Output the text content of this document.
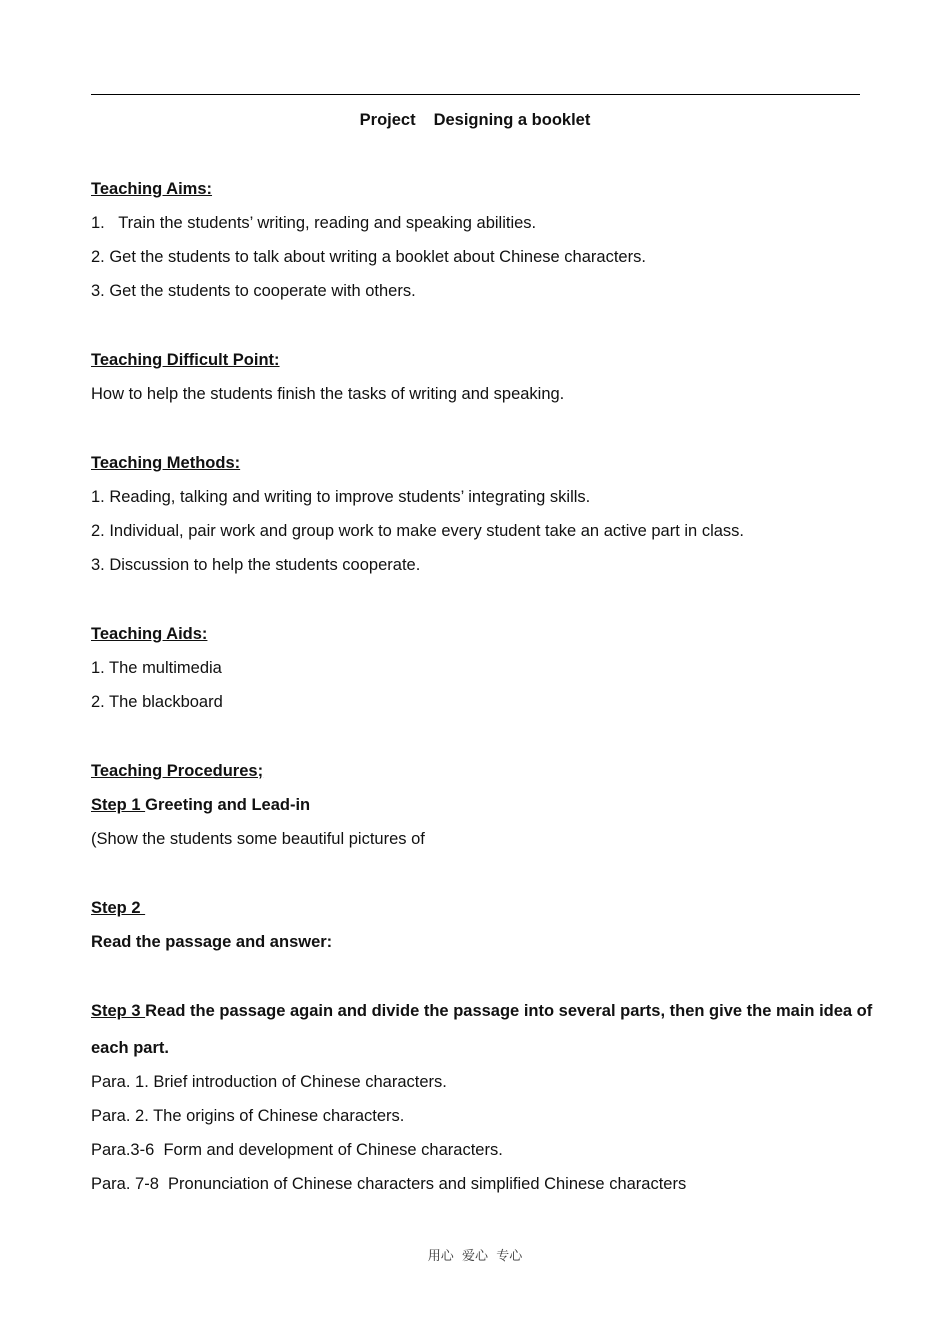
Project Designing a booklet
Teaching Aims:
1.   Train the students’ writing, reading and speaking abilities.
2. Get the students to talk about writing a booklet about Chinese characters.
3. Get the students to cooperate with others.
Teaching Difficult Point:
How to help the students finish the tasks of writing and speaking.
Teaching Methods:
1. Reading, talking and writing to improve students’ integrating skills.
2. Individual, pair work and group work to make every student take an active part in class.
3. Discussion to help the students cooperate.
Teaching Aids:
1. The multimedia
2. The blackboard
Teaching Procedures;
Step 1 Greeting and Lead-in
(Show the students some beautiful pictures of
Step 2
Read the passage and answer:
Step 3 Read the passage again and divide the passage into several parts, then give the main idea of
each part.
Para. 1. Brief introduction of Chinese characters.
Para. 2. The origins of Chinese characters.
Para.3-6  Form and development of Chinese characters.
Para. 7-8  Pronunciation of Chinese characters and simplified Chinese characters
用心  爱心  专心
